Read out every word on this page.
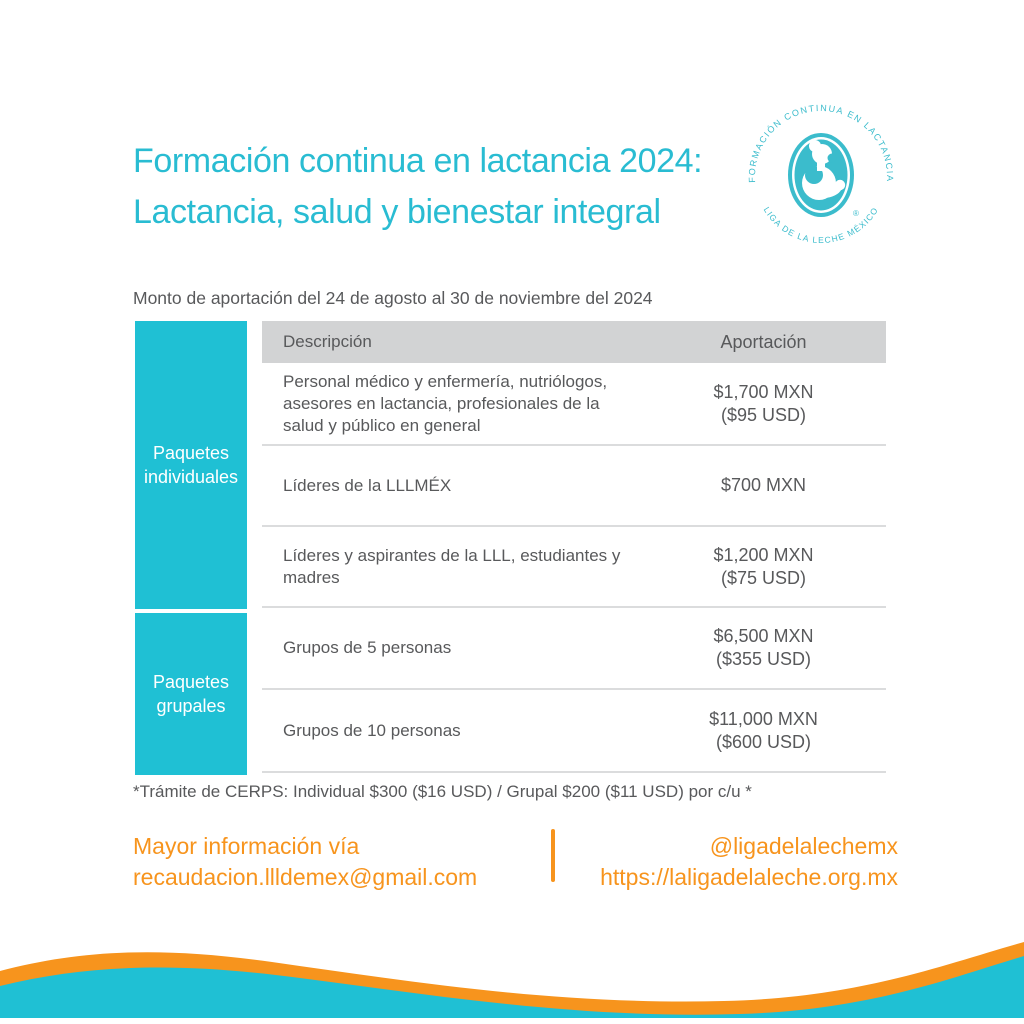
Formación continua en lactancia 2024:
Lactancia, salud y bienestar integral
FORMACIÓN CONTINUA EN LACTANCIA
LIGA DE LA LECHE MÉXICO
®
Monto de aportación del 24 de agosto al 30 de noviembre del 2024
Paquetes
individuales
Paquetes
grupales
Descripción	Aportación
Personal médico y enfermería, nutriólogos, asesores en lactancia, profesionales de la salud y público en general
$1,700 MXN
($95 USD)
Líderes de la LLLMÉX	$700 MXN
Líderes y aspirantes de la LLL, estudiantes y madres
$1,200 MXN
($75 USD)
Grupos de 5 personas
$6,500 MXN
($355 USD)
Grupos de 10 personas
$11,000 MXN
($600 USD)
*Trámite de CERPS: Individual $300 ($16 USD) / Grupal $200 ($11 USD) por c/u *
Mayor información vía
recaudacion.llldemex@gmail.com
@ligadelalechemx
https://laligadelaleche.org.mx
